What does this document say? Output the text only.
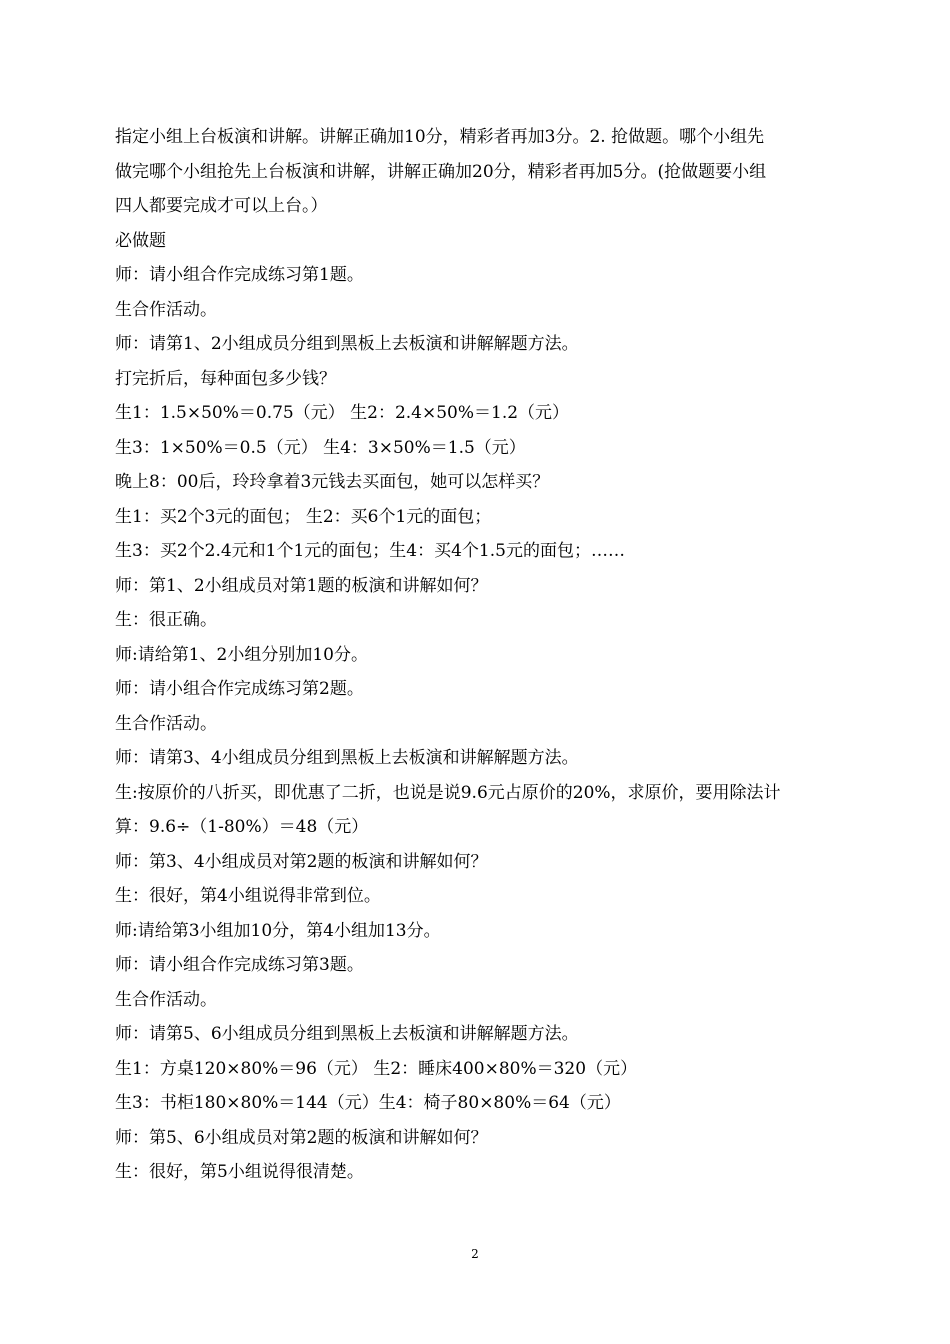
指定小组上台板演和讲解。讲解正确加10分，精彩者再加3分。2. 抢做题。哪个小组先
做完哪个小组抢先上台板演和讲解，讲解正确加20分，精彩者再加5分。(抢做题要小组
四人都要完成才可以上台。）
必做题
师：请小组合作完成练习第1题。
生合作活动。
师：请第1、2小组成员分组到黑板上去板演和讲解解题方法。
打完折后，每种面包多少钱？
生1：1.5×50%＝0.75（元） 生2：2.4×50%＝1.2（元）
生3：1×50%＝0.5（元） 生4：3×50%＝1.5（元）
晚上8：00后，玲玲拿着3元钱去买面包，她可以怎样买？
生1：买2个3元的面包； 生2：买6个1元的面包；
生3：买2个2.4元和1个1元的面包；生4：买4个1.5元的面包；……
师：第1、2小组成员对第1题的板演和讲解如何？
生：很正确。
师:请给第1、2小组分别加10分。
师：请小组合作完成练习第2题。
生合作活动。
师：请第3、4小组成员分组到黑板上去板演和讲解解题方法。
生:按原价的八折买，即优惠了二折，也说是说9.6元占原价的20%，求原价，要用除法计
算：9.6÷（1-80%）＝48（元）
师：第3、4小组成员对第2题的板演和讲解如何？
生：很好，第4小组说得非常到位。
师:请给第3小组加10分，第4小组加13分。
师：请小组合作完成练习第3题。
生合作活动。
师：请第5、6小组成员分组到黑板上去板演和讲解解题方法。
生1：方桌120×80%＝96（元） 生2：睡床400×80%＝320（元）
生3：书柜180×80%＝144（元）生4：椅子80×80%＝64（元）
师：第5、6小组成员对第2题的板演和讲解如何？
生：很好，第5小组说得很清楚。
2
